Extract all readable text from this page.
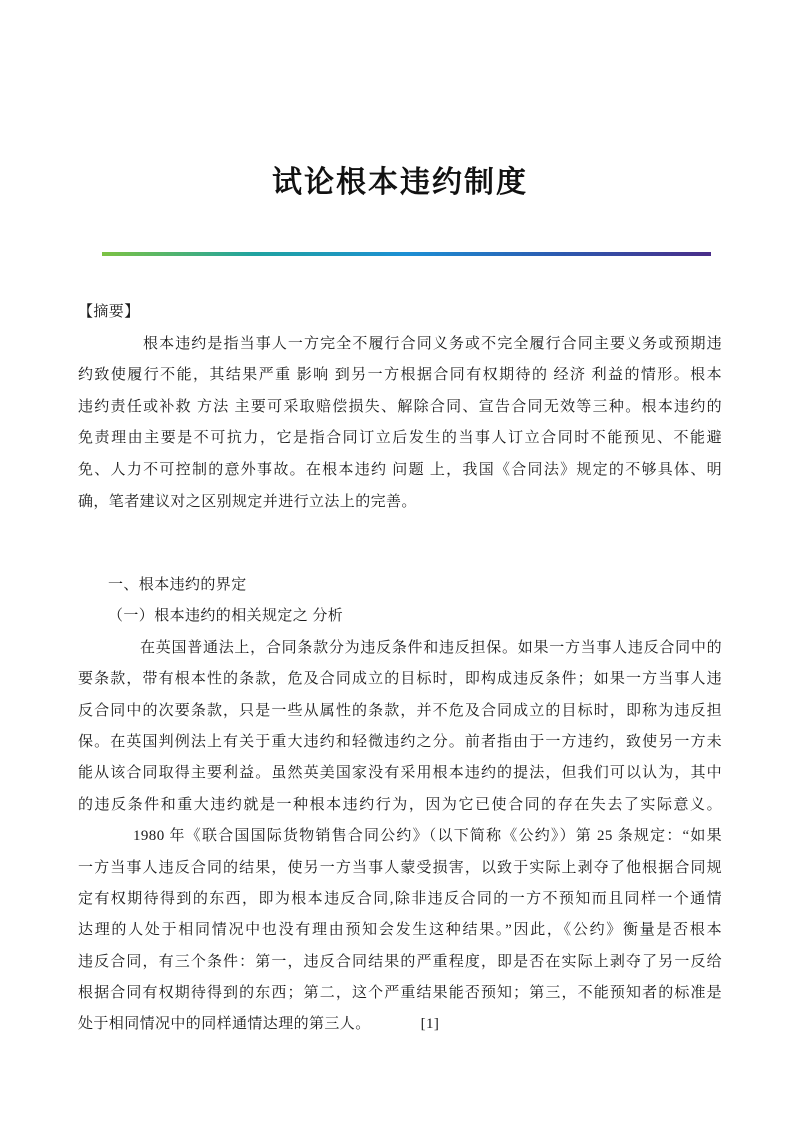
试论根本违约制度
【摘要】
根本违约是指当事人一方完全不履行合同义务或不完全履行合同主要义务或预期违
约致使履行不能，其结果严重 影响 到另一方根据合同有权期待的 经济 利益的情形。根本
违约责任或补救 方法 主要可采取赔偿损失、解除合同、宣告合同无效等三种。根本违约的
免责理由主要是不可抗力，它是指合同订立后发生的当事人订立合同时不能预见、不能避
免、人力不可控制的意外事故。在根本违约 问题 上，我国《合同法》规定的不够具体、明
确，笔者建议对之区别规定并进行立法上的完善。
一、根本违约的界定
（一）根本违约的相关规定之 分析
在英国普通法上，合同条款分为违反条件和违反担保。如果一方当事人违反合同中的
要条款，带有根本性的条款，危及合同成立的目标时，即构成违反条件；如果一方当事人违
反合同中的次要条款，只是一些从属性的条款，并不危及合同成立的目标时，即称为违反担
保。在英国判例法上有关于重大违约和轻微违约之分。前者指由于一方违约，致使另一方未
能从该合同取得主要利益。虽然英美国家没有采用根本违约的提法，但我们可以认为，其中
的违反条件和重大违约就是一种根本违约行为，因为它已使合同的存在失去了实际意义。
1980 年《联合国国际货物销售合同公约》（以下简称《公约》）第 25 条规定：“如果
一方当事人违反合同的结果，使另一方当事人蒙受损害，以致于实际上剥夺了他根据合同规
定有权期待得到的东西，即为根本违反合同,除非违反合同的一方不预知而且同样一个通情
达理的人处于相同情况中也没有理由预知会发生这种结果。”因此，《公约》衡量是否根本
违反合同，有三个条件：第一，违反合同结果的严重程度，即是否在实际上剥夺了另一反给
根据合同有权期待得到的东西；第二，这个严重结果能否预知；第三，不能预知者的标准是
处于相同情况中的同样通情达理的第三人。	[1]
